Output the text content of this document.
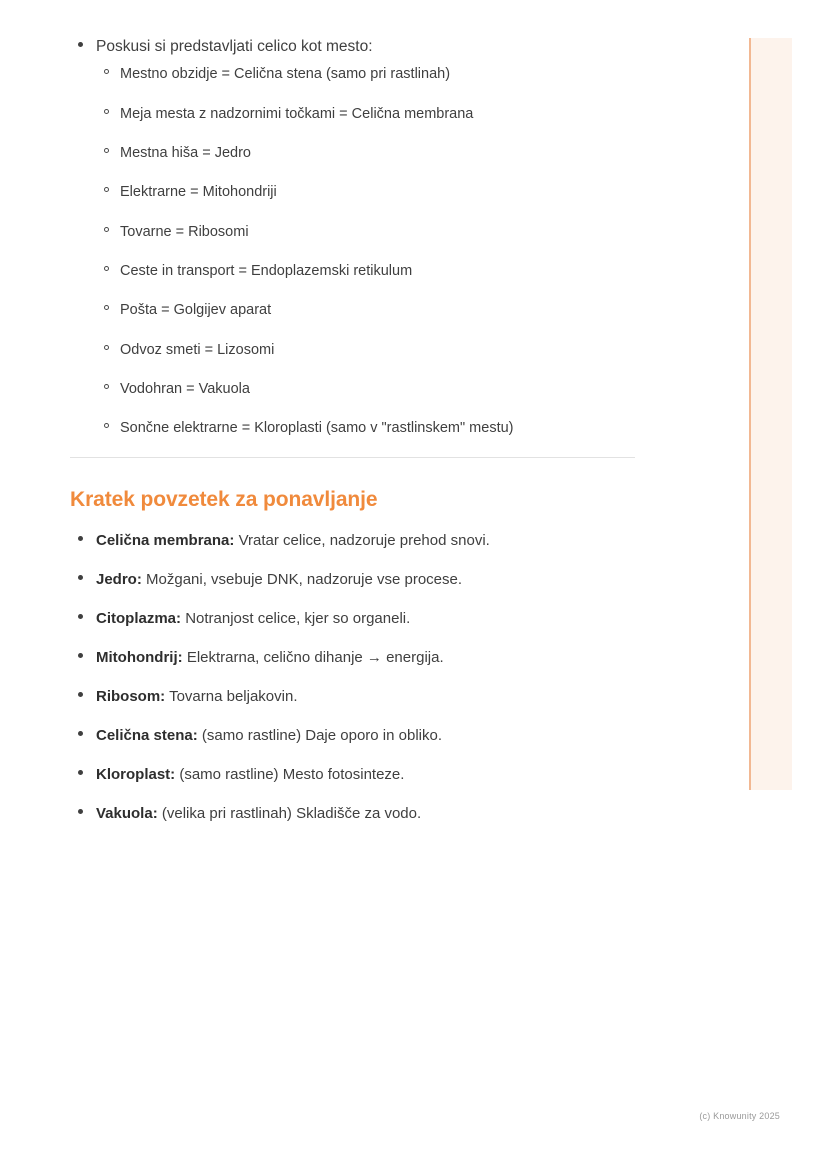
Poskusi si predstavljati celico kot mesto:
Mestno obzidje = Celična stena (samo pri rastlinah)
Meja mesta z nadzornimi točkami = Celična membrana
Mestna hiša = Jedro
Elektrarne = Mitohondriji
Tovarne = Ribosomi
Ceste in transport = Endoplazemski retikulum
Pošta = Golgijev aparat
Odvoz smeti = Lizosomi
Vodohran = Vakuola
Sončne elektrarne = Kloroplasti (samo v "rastlinskem" mestu)
Kratek povzetek za ponavljanje
Celična membrana: Vratar celice, nadzoruje prehod snovi.
Jedro: Možgani, vsebuje DNK, nadzoruje vse procese.
Citoplazma: Notranjost celice, kjer so organeli.
Mitohondrij: Elektrarna, celično dihanje → energija.
Ribosom: Tovarna beljakovin.
Celična stena: (samo rastline) Daje oporo in obliko.
Kloroplast: (samo rastline) Mesto fotosinteze.
Vakuola: (velika pri rastlinah) Skladišče za vodo.
(c) Knowunity 2025
